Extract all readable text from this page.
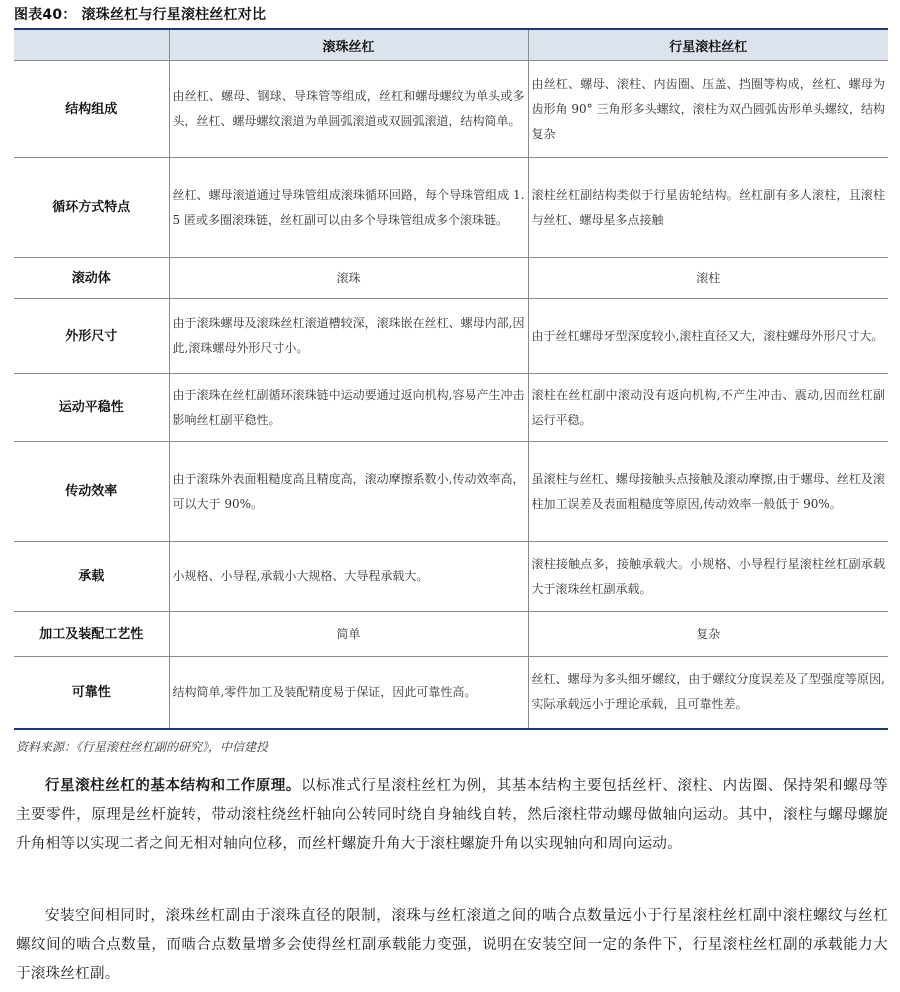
图表40： 滚珠丝杠与行星滚柱丝杠对比
	滚珠丝杠	行星滚柱丝杠
结构组成	由丝杠、螺母、钢球、导珠管等组成，丝杠和螺母螺纹为单头或多头，丝杠、螺母螺纹滚道为单圆弧滚道或双圆弧滚道，结构简单。	由丝杠、螺母、滚柱、内齿圈、压盖、挡圈等构成，丝杠、螺母为齿形角 90° 三角形多头螺纹，滚柱为双凸圆弧齿形单头螺纹，结构复杂
循环方式特点	丝杠、螺母滚道通过导珠管组成滚珠循环回路，每个导珠管组成 1.5 匿或多圈滚珠链，丝杠副可以由多个导珠管组成多个滚珠链。	滚柱丝杠副结构类似于行星齿轮结构。丝杠副有多人滚柱，且滚柱与丝杠、螺母星多点接触
滚动体	滚珠	滚柱
外形尺寸	由于滚珠螺母及滚珠丝杠滚道槽较深，滚珠嵌在丝杠、螺母内部,因此,滚珠螺母外形尺寸小。	由于丝杠螺母牙型深度较小,滚柱直径又大，滚柱螺母外形尺寸大。
运动平稳性	由于滚珠在丝杠副循环滚珠链中运动要通过返向机构,容易产生冲击影响丝杠副平稳性。	滚柱在丝杠副中滚动没有返向机构,不产生冲击、震动,因而丝杠副运行平稳。
传动效率	由于滚珠外表面粗糙度高且精度高，滚动摩擦系数小,传动效率高，可以大于 90%。	虽滚柱与丝杠、螺母接触头点接触及滚动摩擦,由于螺母、丝杠及滚柱加工误差及表面粗糙度等原因,传动效率一般低于 90%。
承载	小规格、小导程,承载小大规格、大导程承载大。	滚柱接触点多，接触承载大。小规格、小导程行星滚柱丝杠副承载大于滚珠丝杠副承载。
加工及装配工艺性	简单	复杂
可靠性	结构简单,零件加工及装配精度易于保证，因此可靠性高。	丝杠、螺母为多头细牙螺纹，由于螺纹分度误差及了型强度等原因,实际承载远小于理论承载，且可靠性差。
资料来源：《行星滚柱丝杠副的研究》，中信建投

行星滚柱丝杠的基本结构和工作原理。以标准式行星滚柱丝杠为例，其基本结构主要包括丝杆、滚柱、内齿圈、保持架和螺母等主要零件，原理是丝杆旋转，带动滚柱绕丝杆轴向公转同时绕自身轴线自转，然后滚柱带动螺母做轴向运动。其中，滚柱与螺母螺旋升角相等以实现二者之间无相对轴向位移，而丝杆螺旋升角大于滚柱螺旋升角以实现轴向和周向运动。

安装空间相同时，滚珠丝杠副由于滚珠直径的限制，滚珠与丝杠滚道之间的啮合点数量远小于行星滚柱丝杠副中滚柱螺纹与丝杠螺纹间的啮合点数量，而啮合点数量增多会使得丝杠副承载能力变强，说明在安装空间一定的条件下，行星滚柱丝杠副的承载能力大于滚珠丝杠副。
